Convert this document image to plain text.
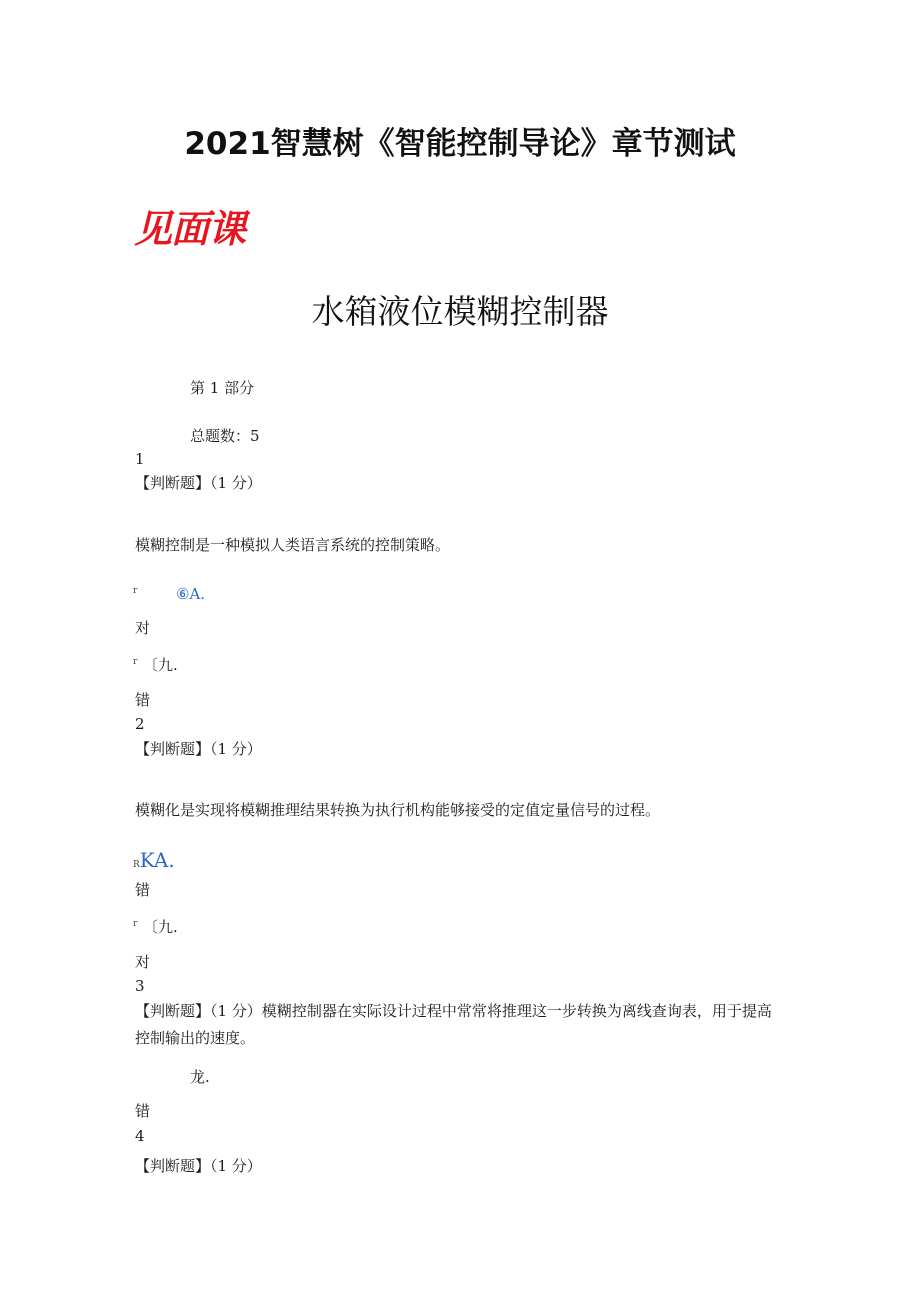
2021智慧树《智能控制导论》章节测试
见面课
水箱液位模糊控制器
第 1 部分
总题数：5
1
【判断题】（1 分）
模糊控制是一种模拟人类语言系统的控制策略。
r	⑥A.
对
r 〔九.
错
2
【判断题】（1 分）
模糊化是实现将模糊推理结果转换为执行机构能够接受的定值定量信号的过程。
RKA.
错
r 〔九.
对
3
【判断题】（1 分）模糊控制器在实际设计过程中常常将推理这一步转换为离线查询表，用于提高控制输出的速度。
龙.
错
4
【判断题】（1 分）
